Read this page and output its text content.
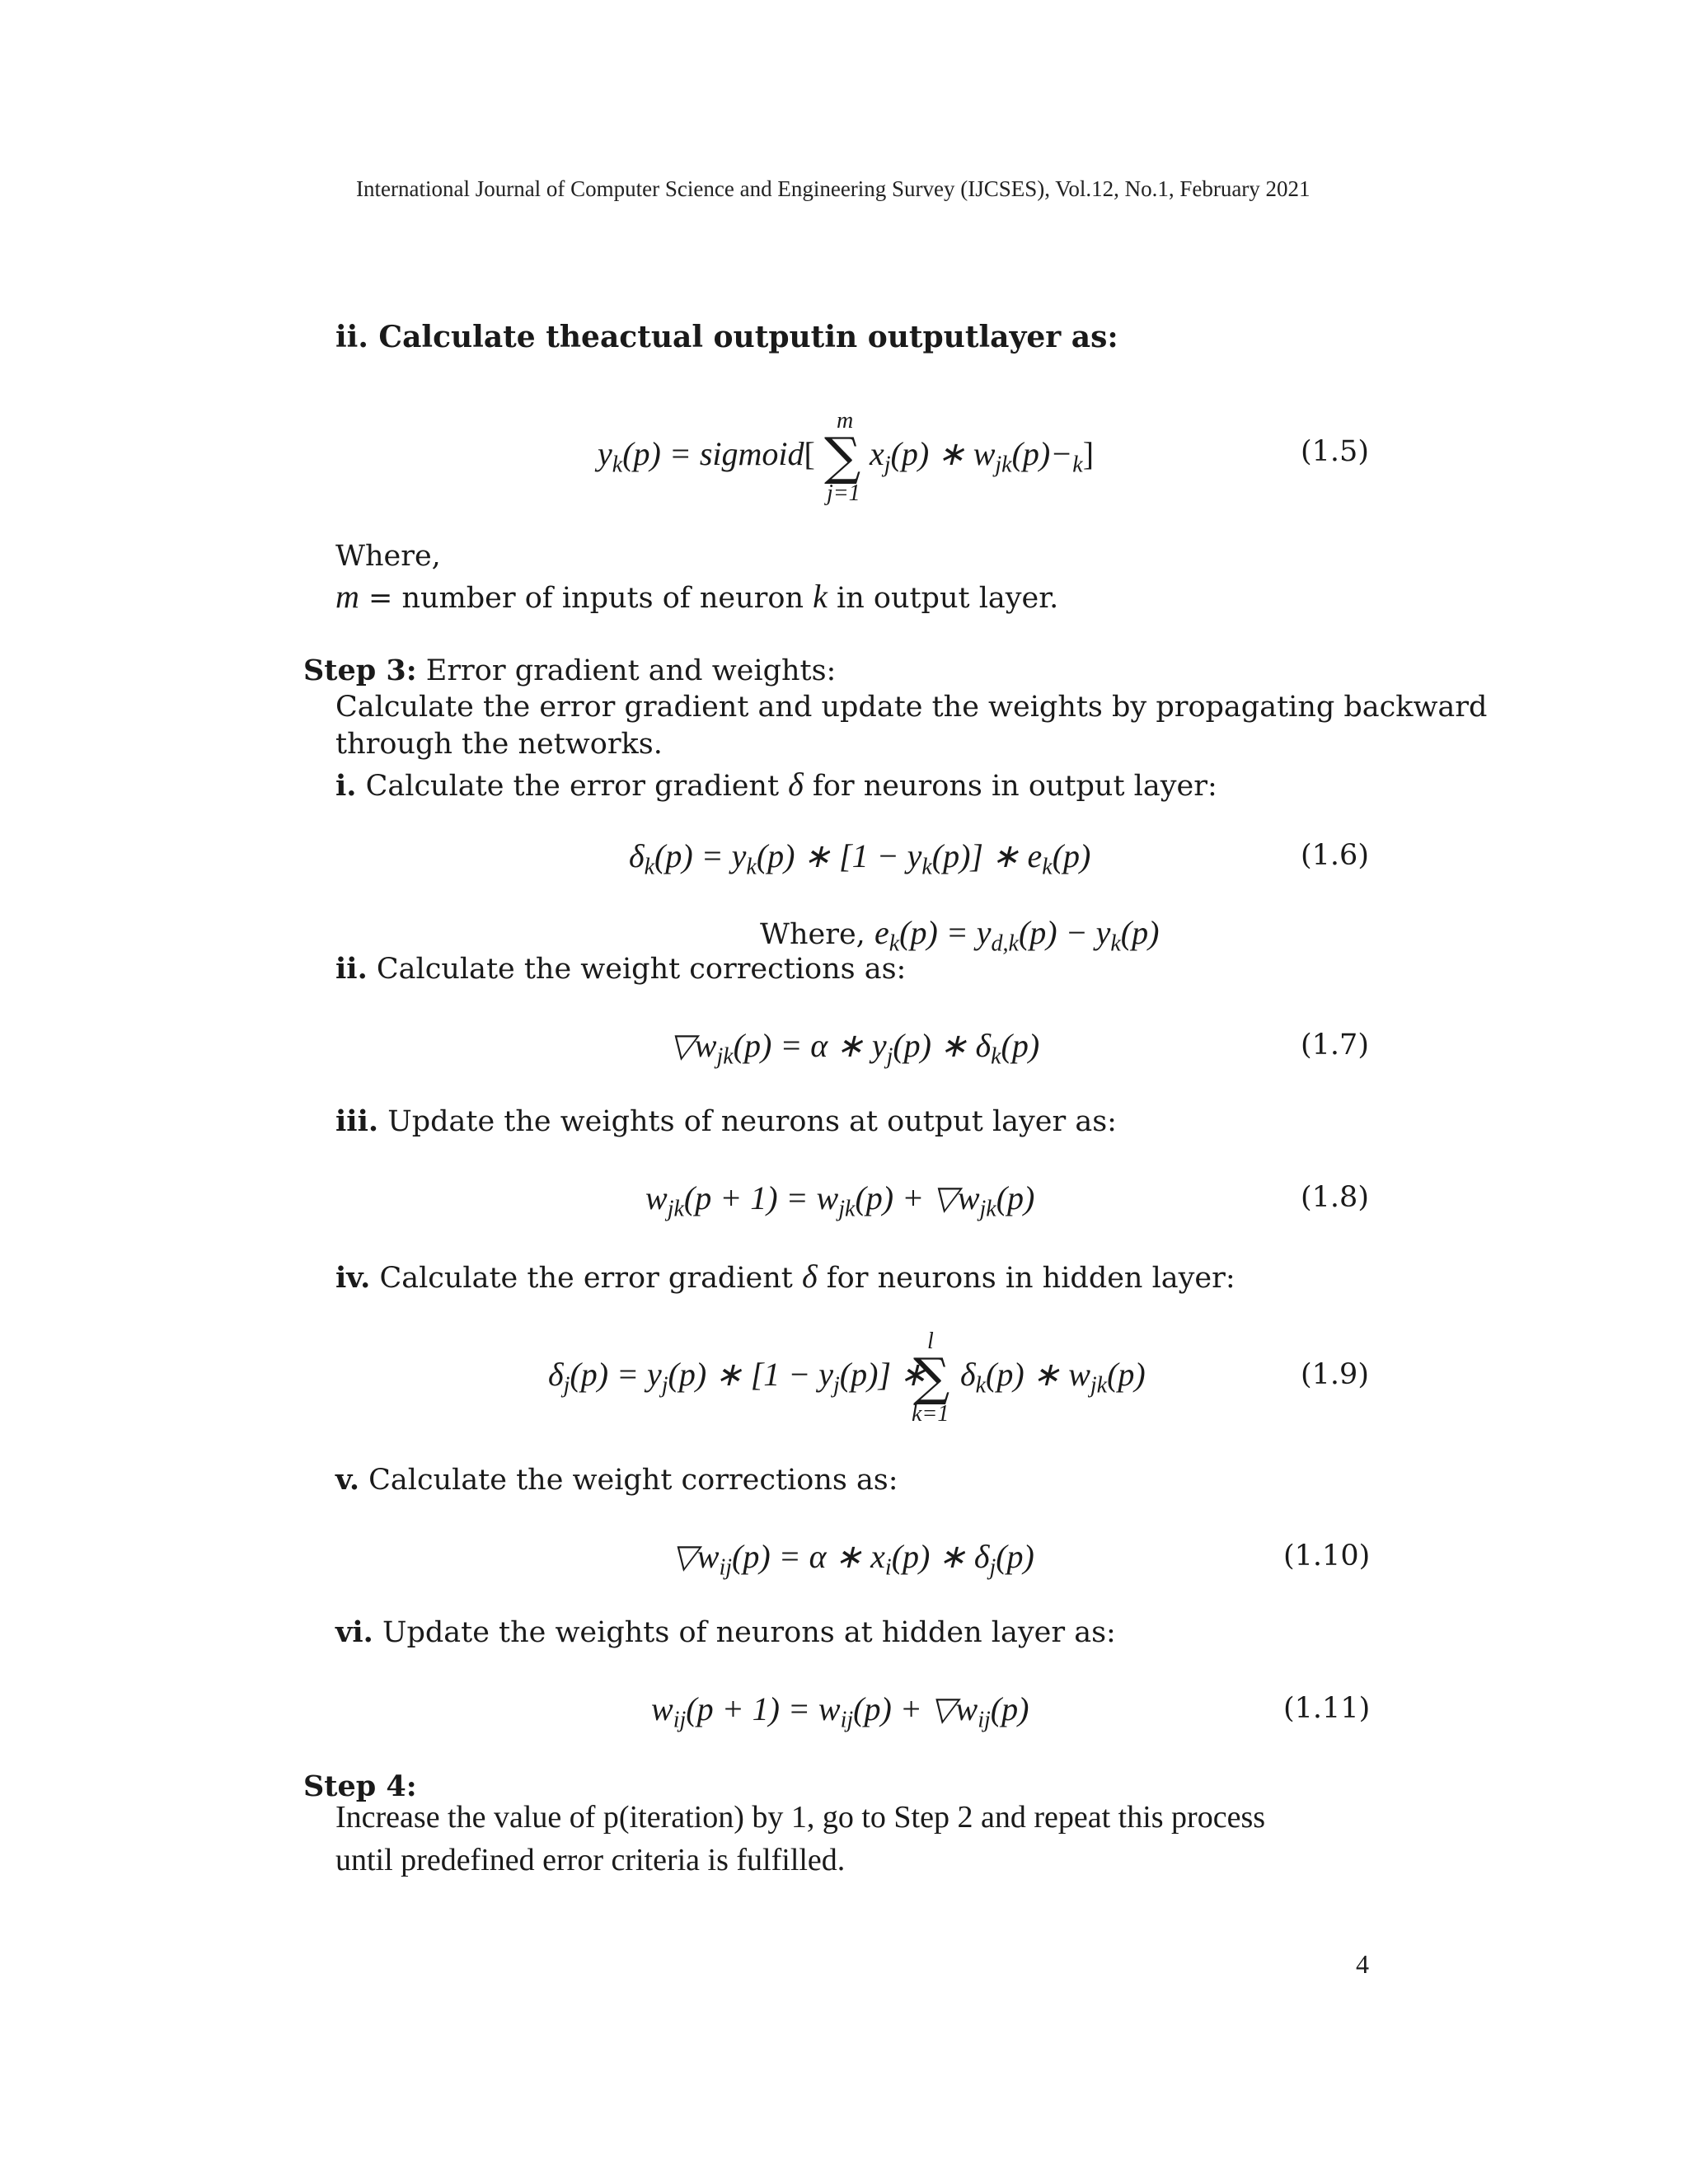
International Journal of Computer Science and Engineering Survey (IJCSES), Vol.12, No.1, February 2021
ii. Calculate theactual outputin outputlayer as:
$y_k(p)$ = sigmoid[
m
∑
j=1
$x_j(p)$ ∗ $w_{jk}(p)-_k$]	(1.5)
Where,
m = number of inputs of neuron k in output layer.
Step 3: Error gradient and weights:
Calculate the error gradient and update the weights by propagating backward
through the networks.
i. Calculate the error gradient δ for neurons in output layer:
$\delta_k(p) = y_k(p)$ ∗ $[1 - y_k(p)]$ ∗ $e_k(p)$	(1.6)
Where, $e_k(p) = y_{d,k}(p) - y_k(p)$
ii. Calculate the weight corrections as:
$▽w_{jk}(p) = \alpha$ ∗ $y_j(p)$ ∗ $\delta_k(p)$	(1.7)
iii. Update the weights of neurons at output layer as:
$w_{jk}(p + 1) = w_{jk}(p)$ + $▽w_{jk}(p)$	(1.8)
iv. Calculate the error gradient δ for neurons in hidden layer:
$\delta_j(p) = y_j(p)$ ∗ $[1 - y_j(p)]$ ∗
l
∑
k=1
$\delta_k(p)$ ∗ $w_{jk}(p)$	(1.9)
v. Calculate the weight corrections as:
$▽w_{ij}(p) = \alpha$ ∗ $x_i(p)$ ∗ $\delta_j(p)$	(1.10)
vi. Update the weights of neurons at hidden layer as:
$w_{ij}(p + 1) = w_{ij}(p)$ + $▽w_{ij}(p)$	(1.11)
Step 4:
Increase the value of p(iteration) by 1, go to Step 2 and repeat this process
until predefined error criteria is fulfilled.
4
